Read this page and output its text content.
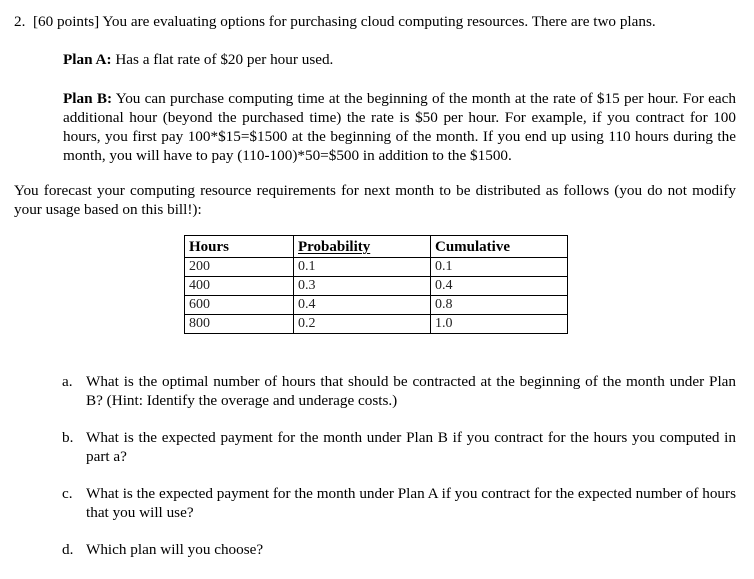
2. [60 points] You are evaluating options for purchasing cloud computing resources. There are two plans.
Plan A: Has a flat rate of $20 per hour used.
Plan B: You can purchase computing time at the beginning of the month at the rate of $15 per hour. For each additional hour (beyond the purchased time) the rate is $50 per hour. For example, if you contract for 100 hours, you first pay 100*$15=$1500 at the beginning of the month. If you end up using 110 hours during the month, you will have to pay (110-100)*50=$500 in addition to the $1500.
You forecast your computing resource requirements for next month to be distributed as follows (you do not modify your usage based on this bill!):
Hours	Probability	Cumulative
200	0.1	0.1
400	0.3	0.4
600	0.4	0.8
800	0.2	1.0
a. What is the optimal number of hours that should be contracted at the beginning of the month under Plan B? (Hint: Identify the overage and underage costs.)
b. What is the expected payment for the month under Plan B if you contract for the hours you computed in part a?
c. What is the expected payment for the month under Plan A if you contract for the expected number of hours that you will use?
d. Which plan will you choose?
